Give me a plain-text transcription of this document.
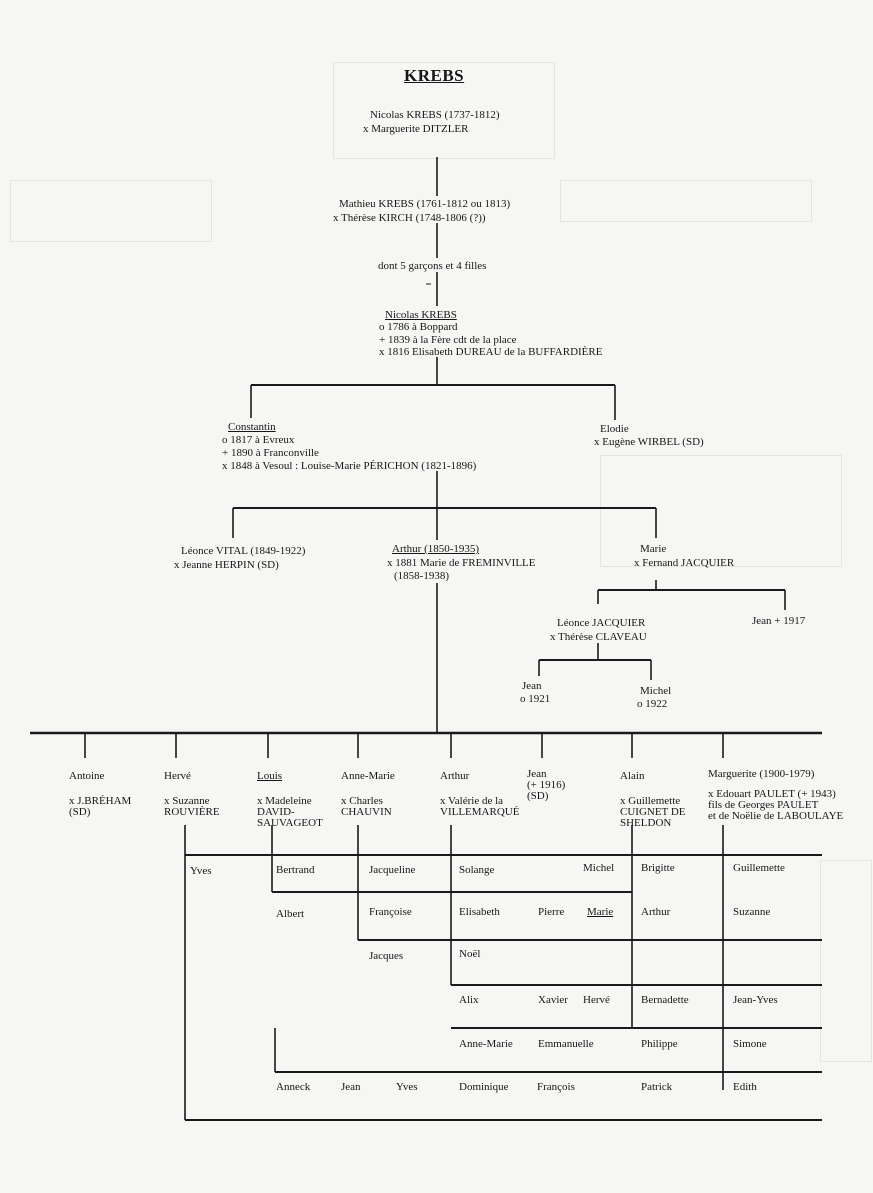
KREBS
Nicolas KREBS (1737-1812)
x Marguerite DITZLER
Mathieu KREBS (1761-1812 ou 1813)
x Thérèse KIRCH (1748-1806 (?))
dont 5 garçons et 4 filles
Nicolas KREBS
o 1786 à Boppard
+ 1839 à la Fère cdt de la place
x 1816 Elisabeth DUREAU de la BUFFARDIÈRE
Constantin
o 1817 à Evreux
+ 1890 à Franconville
x 1848 à Vesoul : Louise-Marie PÉRICHON (1821-1896)
Elodie
x Eugène WIRBEL (SD)
Léonce VITAL (1849-1922)
x Jeanne HERPIN (SD)
Arthur (1850-1935)
x 1881 Marie de FREMINVILLE
(1858-1938)
Marie
x Fernand JACQUIER
Léonce JACQUIER
x Thérèse CLAVEAU
Jean + 1917
Jean
o 1921
Michel
o 1922
Antoine
x J.BRÉHAM
(SD)
Hervé
x Suzanne
ROUVIÈRE
Louis
x Madeleine
DAVID-
SAUVAGEOT
Anne-Marie
x Charles
CHAUVIN
Arthur
x Valérie de la
VILLEMARQUÉ
Jean
(+ 1916)
(SD)
Alain
x Guillemette
CUIGNET DE
SHELDON
Marguerite (1900-1979)
x Edouart PAULET (+ 1943)
fils de Georges PAULET
et de Noëlie de LABOULAYE
Yves	Bertrand
Albert
Jacqueline
Françoise
Jacques
Solange
Elisabeth
Noël
Alix
Anne-Marie
Dominique
Michel
Pierre Marie
Xavier Hervé
Emmanuelle
François
Brigitte
Arthur
Bernadette
Philippe
Patrick
Guillemette
Suzanne
Jean-Yves
Simone
Edith
Anneck	Jean	Yves
